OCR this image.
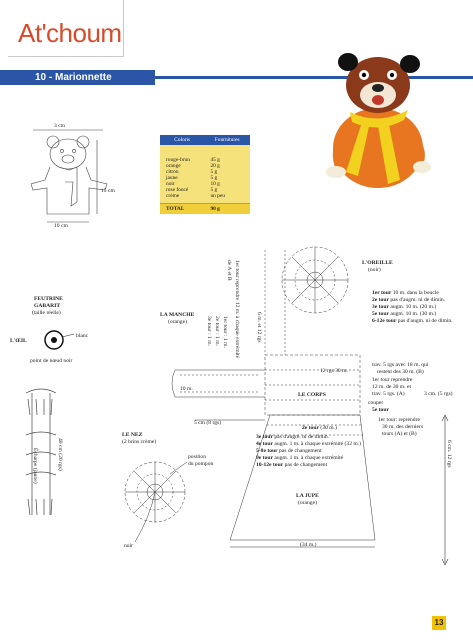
At'choum
10 - Marionnette
3 cm
15 cm
10 cm
Coloris	Fournitures
rouge-brun	45 g
orange	20 g
citron	5 g
jaune	5 g
noir	10 g
rose foncé	5 g
crème	un peu
TOTAL	90 g
FEUTRINE
GABARIT
(taille réelle)
L'ŒIL
blanc
point de nœud noir
Écharpe (jaune)	40 cm (20 rgs)
LE NEZ
(2 brins crème)
position
du pompon
noir
LA MANCHE
(orange)	1er tour : 1 m.
2e tour : 1 m.
3e tour : 1 m.	1er tour reprendre 12 m. à chaque extrémité
de A et B
6 m. et 12 rgs
10 m.
5 cm (8 rgs)
L'OREILLE
(noir)
1er tour 10 m. dans la boucle
2e tour pas d'augm. ni de dimin.
3e tour augm. 10 m. (20 m.)
5e tour augm. 10 m. (30 m.)
6-12e tour pas d'augm. ni de dimin.
LE CORPS
12 rgs 30 m.
trav. 5 rgs avec 18 m. qui
restent des 30 m. (B)
1er tour reprendre
12 m. de 30 m. et
trav. 5 rgs. (A)	3 cm. (5 rgs)
couper
5e tour
1er tour: reprendre
30 m. des derniers
tours (A) et (B)
2e tour (30 m.)
3e tour pas d'augm. ni de dimin.
4e tour augm. 1 m. à chaque extrémité (32 m.)
5-8e tour pas de changement
9e tour augm. 1 m. à chaque extrémité
10-12e tour pas de changement
LA JUPE
(orange)
(34 m.)
6 cm. 12 rgs
13
